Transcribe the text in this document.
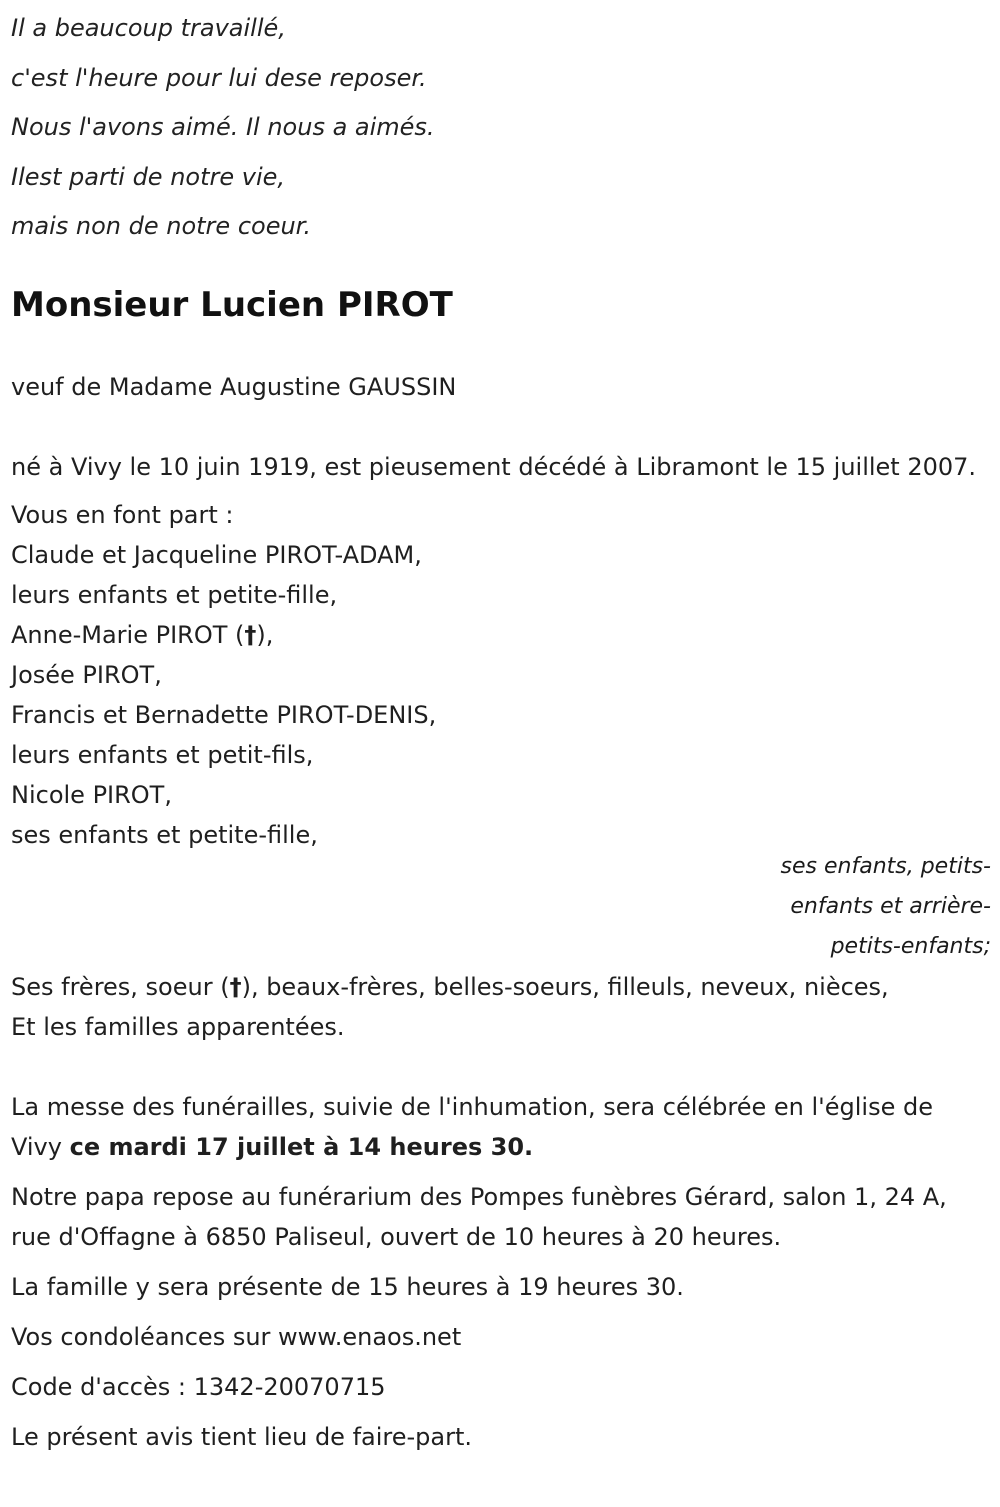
Il a beaucoup travaillé,
c'est l'heure pour lui dese reposer.
Nous l'avons aimé. Il nous a aimés.
Ilest parti de notre vie,
mais non de notre coeur.
Monsieur Lucien PIROT
veuf de Madame Augustine GAUSSIN
né à Vivy le 10 juin 1919, est pieusement décédé à Libramont le 15 juillet 2007.
Vous en font part :
Claude et Jacqueline PIROT-ADAM,
leurs enfants et petite-fille,
Anne-Marie PIROT (†),
Josée PIROT,
Francis et Bernadette PIROT-DENIS,
leurs enfants et petit-fils,
Nicole PIROT,
ses enfants et petite-fille,
ses enfants, petits-enfants et arrière-petits-enfants;
Ses frères, soeur (†), beaux-frères, belles-soeurs, filleuls, neveux, nièces,
Et les familles apparentées.
La messe des funérailles, suivie de l'inhumation, sera célébrée en l'église de Vivy ce mardi 17 juillet à 14 heures 30.
Notre papa repose au funérarium des Pompes funèbres Gérard, salon 1, 24 A, rue d'Offagne à 6850 Paliseul, ouvert de 10 heures à 20 heures.
La famille y sera présente de 15 heures à 19 heures 30.
Vos condoléances sur www.enaos.net
Code d'accès : 1342-20070715
Le présent avis tient lieu de faire-part.
